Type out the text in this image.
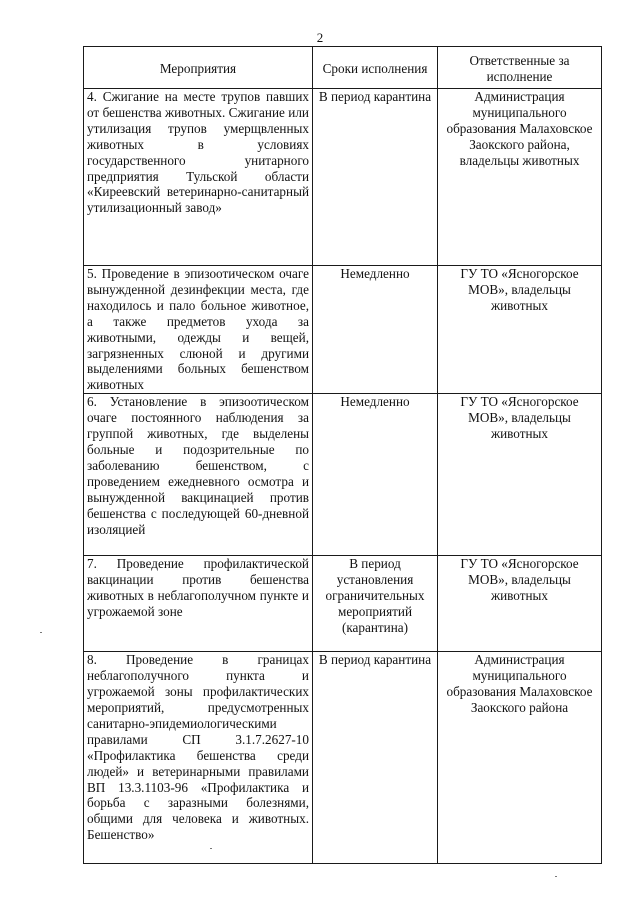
2
Мероприятия	Сроки исполнения	Ответственные за исполнение
4. Сжигание на месте трупов павших от бешенства животных. Сжигание или утилизация трупов умерщвленных животных в условиях государственного унитарного предприятия Тульской области «Киреевский ветеринарно-санитарный утилизационный завод»	В период карантина	Администрация муниципального образования Малаховское Заокского района, владельцы животных
5. Проведение в эпизоотическом очаге вынужденной дезинфекции места, где находилось и пало больное животное, а также предметов ухода за животными, одежды и вещей, загрязненных слюной и другими выделениями больных бешенством животных	Немедленно	ГУ ТО «Ясногорское МОВ», владельцы животных
6. Установление в эпизоотическом очаге постоянного наблюдения за группой животных, где выделены больные и подозрительные по заболеванию бешенством, с проведением ежедневного осмотра и вынужденной вакцинацией против бешенства с последующей 60-дневной изоляцией	Немедленно	ГУ ТО «Ясногорское МОВ», владельцы животных
7. Проведение профилактической вакцинации против бешенства животных в неблагополучном пункте и угрожаемой зоне	В период установления ограничительных мероприятий (карантина)	ГУ ТО «Ясногорское МОВ», владельцы животных
8. Проведение в границах неблагополучного пункта и угрожаемой зоны профилактических мероприятий, предусмотренных санитарно-эпидемиологическими правилами СП 3.1.7.2627-10 «Профилактика бешенства среди людей» и ветеринарными правилами ВП 13.3.1103-96 «Профилактика и борьба с заразными болезнями, общими для человека и животных. Бешенство»	В период карантина	Администрация муниципального образования Малаховское Заокского района
